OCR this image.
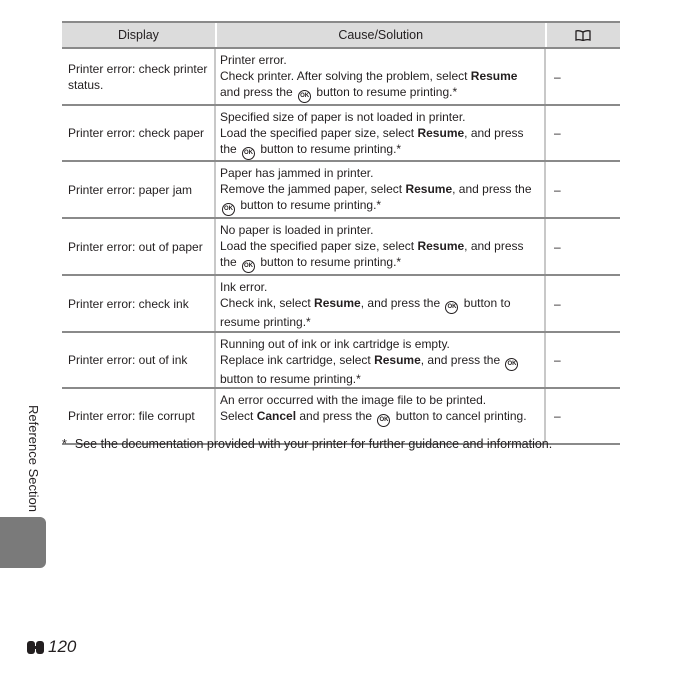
Display	Cause/Solution
Printer error: check printer status.
Printer error.
Check printer. After solving the problem, select Resume and press the OK button to resume printing.*
–
Printer error: check paper
Specified size of paper is not loaded in printer.
Load the specified paper size, select Resume, and press the OK button to resume printing.*
–
Printer error: paper jam
Paper has jammed in printer.
Remove the jammed paper, select Resume, and press the OK button to resume printing.*
–
Printer error: out of paper
No paper is loaded in printer.
Load the specified paper size, select Resume, and press the OK button to resume printing.*
–
Printer error: check ink
Ink error.
Check ink, select Resume, and press the OK button to resume printing.*
–
Printer error: out of ink
Running out of ink or ink cartridge is empty.
Replace ink cartridge, select Resume, and press the OK button to resume printing.*
–
Printer error: file corrupt
An error occurred with the image file to be printed.
Select Cancel and press the OK button to cancel printing.	–
* See the documentation provided with your printer for further guidance and information.
Reference Section
120
